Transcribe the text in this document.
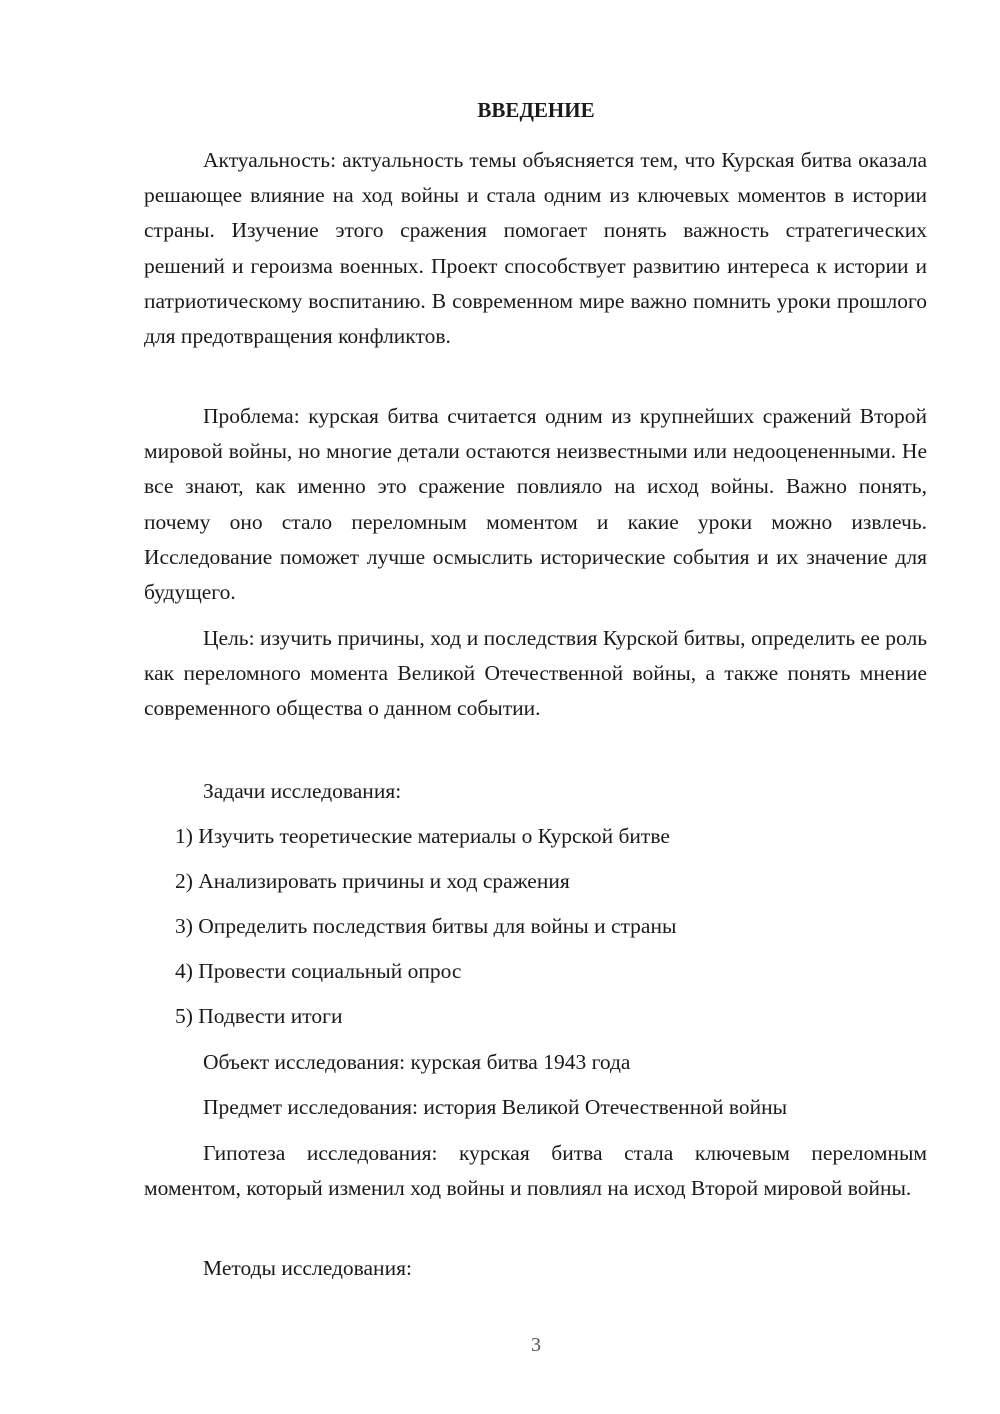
ВВЕДЕНИЕ

Актуальность: актуальность темы объясняется тем, что Курская битва оказала решающее влияние на ход войны и стала одним из ключевых моментов в истории страны. Изучение этого сражения помогает понять важность стратегических решений и героизма военных. Проект способствует развитию интереса к истории и патриотическому воспитанию. В современном мире важно помнить уроки прошлого для предотвращения конфликтов.

Проблема: курская битва считается одним из крупнейших сражений Второй мировой войны, но многие детали остаются неизвестными или недооцененными. Не все знают, как именно это сражение повлияло на исход войны. Важно понять, почему оно стало переломным моментом и какие уроки можно извлечь. Исследование поможет лучше осмыслить исторические события и их значение для будущего.

Цель: изучить причины, ход и последствия Курской битвы, определить ее роль как переломного момента Великой Отечественной войны, а также понять мнение современного общества о данном событии.

Задачи исследования:

1) Изучить теоретические материалы о Курской битве

2) Анализировать причины и ход сражения

3) Определить последствия битвы для войны и страны

4) Провести социальный опрос

5) Подвести итоги

Объект исследования: курская битва 1943 года

Предмет исследования: история Великой Отечественной войны

Гипотеза исследования: курская битва стала ключевым переломным моментом, который изменил ход войны и повлиял на исход Второй мировой войны.

Методы исследования:

3
